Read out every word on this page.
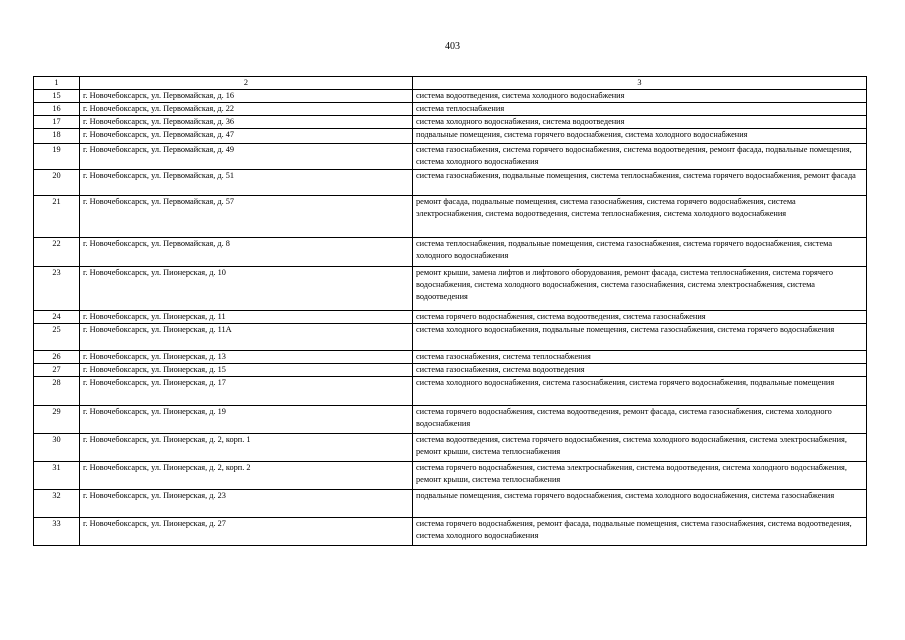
403
1	2	3
15	г. Новочебоксарск, ул. Первомайская, д. 16	система водоотведения, система холодного водоснабжения
16	г. Новочебоксарск, ул. Первомайская, д. 22	система теплоснабжения
17	г. Новочебоксарск, ул. Первомайская, д. 36	система холодного водоснабжения, система водоотведения
18	г. Новочебоксарск, ул. Первомайская, д. 47	подвальные помещения, система горячего водоснабжения, система холодного водоснабжения
19	г. Новочебоксарск, ул. Первомайская, д. 49	система газоснабжения, система горячего водоснабжения, система водоотведения, ремонт фасада, подвальные помещения, система холодного водоснабжения
20	г. Новочебоксарск, ул. Первомайская, д. 51	система газоснабжения, подвальные помещения, система теплоснабжения, система горячего водоснабжения, ремонт фасада
21	г. Новочебоксарск, ул. Первомайская, д. 57	ремонт фасада, подвальные помещения, система газоснабжения, система горячего водоснабжения, система электроснабжения, система водоотведения, система теплоснабжения, система холодного водоснабжения
22	г. Новочебоксарск, ул. Первомайская, д. 8	система теплоснабжения, подвальные помещения, система газоснабжения, система горячего водоснабжения, система холодного водоснабжения
23	г. Новочебоксарск, ул. Пионерская, д. 10	ремонт крыши, замена лифтов и лифтового оборудования, ремонт фасада, система теплоснабжения, система горячего водоснабжения, система холодного водоснабжения, система газоснабжения, система электроснабжения, система водоотведения
24	г. Новочебоксарск, ул. Пионерская, д. 11	система горячего водоснабжения, система водоотведения, система газоснабжения
25	г. Новочебоксарск, ул. Пионерская, д. 11А	система холодного водоснабжения, подвальные помещения, система газоснабжения, система горячего водоснабжения
26	г. Новочебоксарск, ул. Пионерская, д. 13	система газоснабжения, система теплоснабжения
27	г. Новочебоксарск, ул. Пионерская, д. 15	система газоснабжения, система водоотведения
28	г. Новочебоксарск, ул. Пионерская, д. 17	система холодного водоснабжения, система газоснабжения, система горячего водоснабжения, подвальные помещения
29	г. Новочебоксарск, ул. Пионерская, д. 19	система горячего водоснабжения, система водоотведения, ремонт фасада, система газоснабжения, система холодного водоснабжения
30	г. Новочебоксарск, ул. Пионерская, д. 2, корп. 1	система водоотведения, система горячего водоснабжения, система холодного водоснабжения, система электроснабжения, ремонт крыши, система теплоснабжения
31	г. Новочебоксарск, ул. Пионерская, д. 2, корп. 2	система горячего водоснабжения, система электроснабжения, система водоотведения, система холодного водоснабжения, ремонт крыши, система теплоснабжения
32	г. Новочебоксарск, ул. Пионерская, д. 23	подвальные помещения, система горячего водоснабжения, система холодного водоснабжения, система газоснабжения
33	г. Новочебоксарск, ул. Пионерская, д. 27	система горячего водоснабжения, ремонт фасада, подвальные помещения, система газоснабжения, система водоотведения, система холодного водоснабжения
